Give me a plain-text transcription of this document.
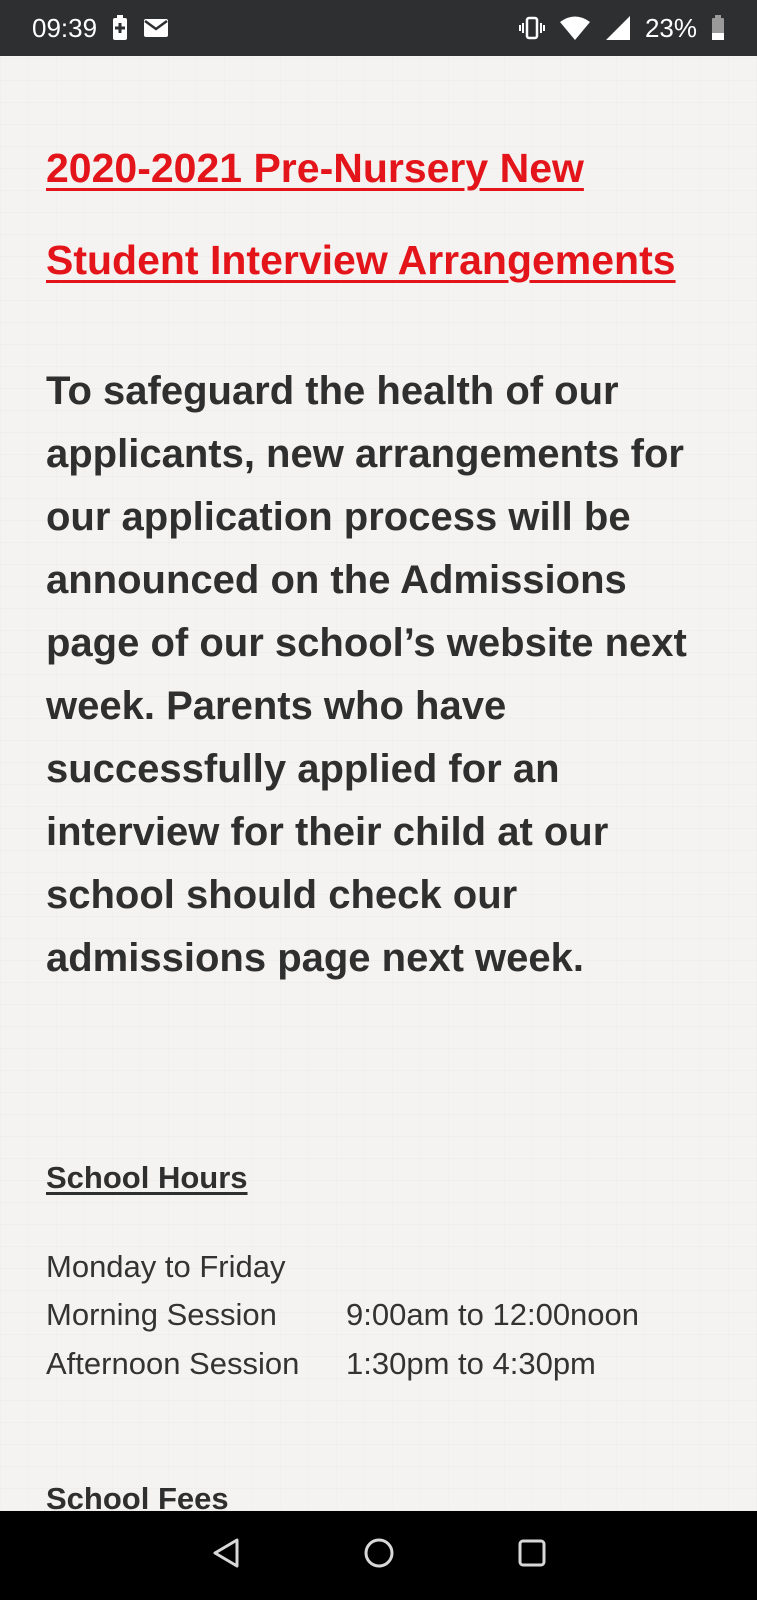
09:39	23%
2020-2021 Pre-Nursery New
Student Interview Arrangements

To safeguard the health of our applicants, new arrangements for our application process will be announced on the Admissions page of our school’s website next week. Parents who have successfully applied for an interview for their child at our school should check our admissions page next week.

School Hours
Monday to Friday
Morning Session	9:00am to 12:00noon
Afternoon Session	1:30pm to 4:30pm
School Fees
